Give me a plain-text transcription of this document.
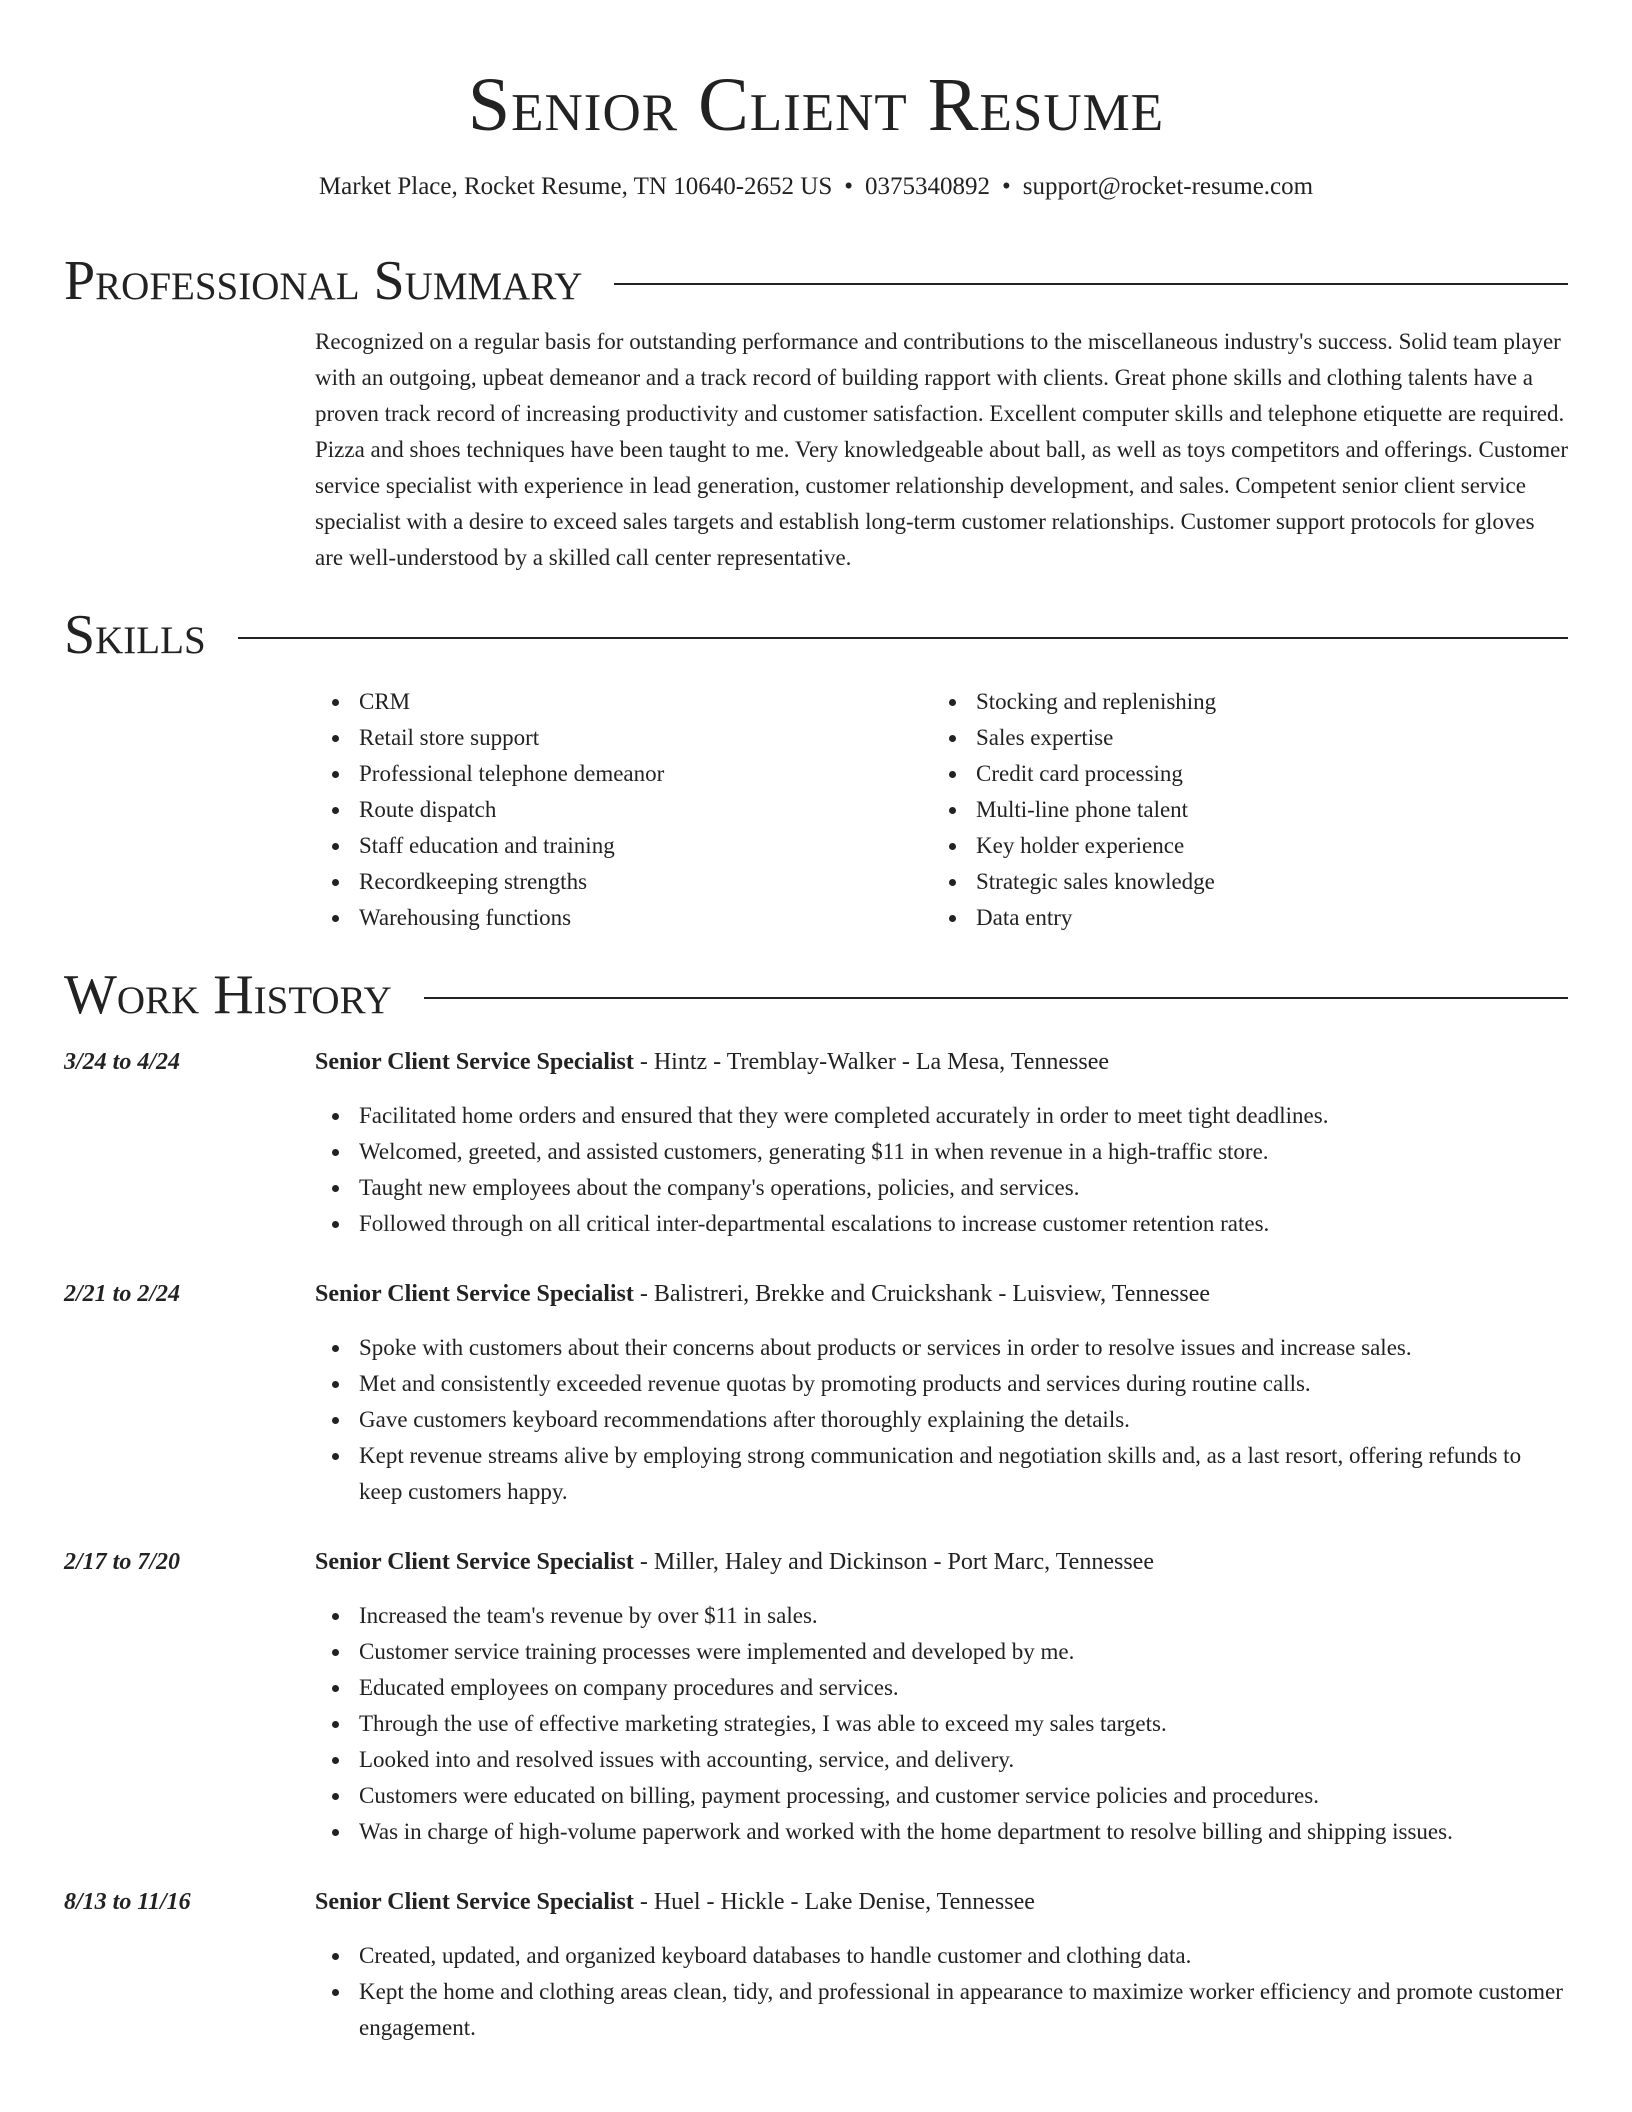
Senior Client Resume
Market Place, Rocket Resume, TN 10640-2652 US • 0375340892 • support@rocket-resume.com
Professional Summary

Recognized on a regular basis for outstanding performance and contributions to the miscellaneous industry's success. Solid team player with an outgoing, upbeat demeanor and a track record of building rapport with clients. Great phone skills and clothing talents have a proven track record of increasing productivity and customer satisfaction. Excellent computer skills and telephone etiquette are required. Pizza and shoes techniques have been taught to me. Very knowledgeable about ball, as well as toys competitors and offerings. Customer service specialist with experience in lead generation, customer relationship development, and sales. Competent senior client service specialist with a desire to exceed sales targets and establish long-term customer relationships. Customer support protocols for gloves are well-understood by a skilled call center representative.

Skills
CRM
Retail store support
Professional telephone demeanor
Route dispatch
Staff education and training
Recordkeeping strengths
Warehousing functions
Stocking and replenishing
Sales expertise
Credit card processing
Multi-line phone talent
Key holder experience
Strategic sales knowledge
Data entry
Work History
3/24 to 4/24	Senior Client Service Specialist - Hintz - Tremblay-Walker - La Mesa, Tennessee
Facilitated home orders and ensured that they were completed accurately in order to meet tight deadlines.
Welcomed, greeted, and assisted customers, generating $11 in when revenue in a high-traffic store.
Taught new employees about the company's operations, policies, and services.
Followed through on all critical inter-departmental escalations to increase customer retention rates.
2/21 to 2/24	Senior Client Service Specialist - Balistreri, Brekke and Cruickshank - Luisview, Tennessee
Spoke with customers about their concerns about products or services in order to resolve issues and increase sales.
Met and consistently exceeded revenue quotas by promoting products and services during routine calls.
Gave customers keyboard recommendations after thoroughly explaining the details.
Kept revenue streams alive by employing strong communication and negotiation skills and, as a last resort, offering refunds to keep customers happy.
2/17 to 7/20	Senior Client Service Specialist - Miller, Haley and Dickinson - Port Marc, Tennessee
Increased the team's revenue by over $11 in sales.
Customer service training processes were implemented and developed by me.
Educated employees on company procedures and services.
Through the use of effective marketing strategies, I was able to exceed my sales targets.
Looked into and resolved issues with accounting, service, and delivery.
Customers were educated on billing, payment processing, and customer service policies and procedures.
Was in charge of high-volume paperwork and worked with the home department to resolve billing and shipping issues.
8/13 to 11/16	Senior Client Service Specialist - Huel - Hickle - Lake Denise, Tennessee
Created, updated, and organized keyboard databases to handle customer and clothing data.
Kept the home and clothing areas clean, tidy, and professional in appearance to maximize worker efficiency and promote customer engagement.
